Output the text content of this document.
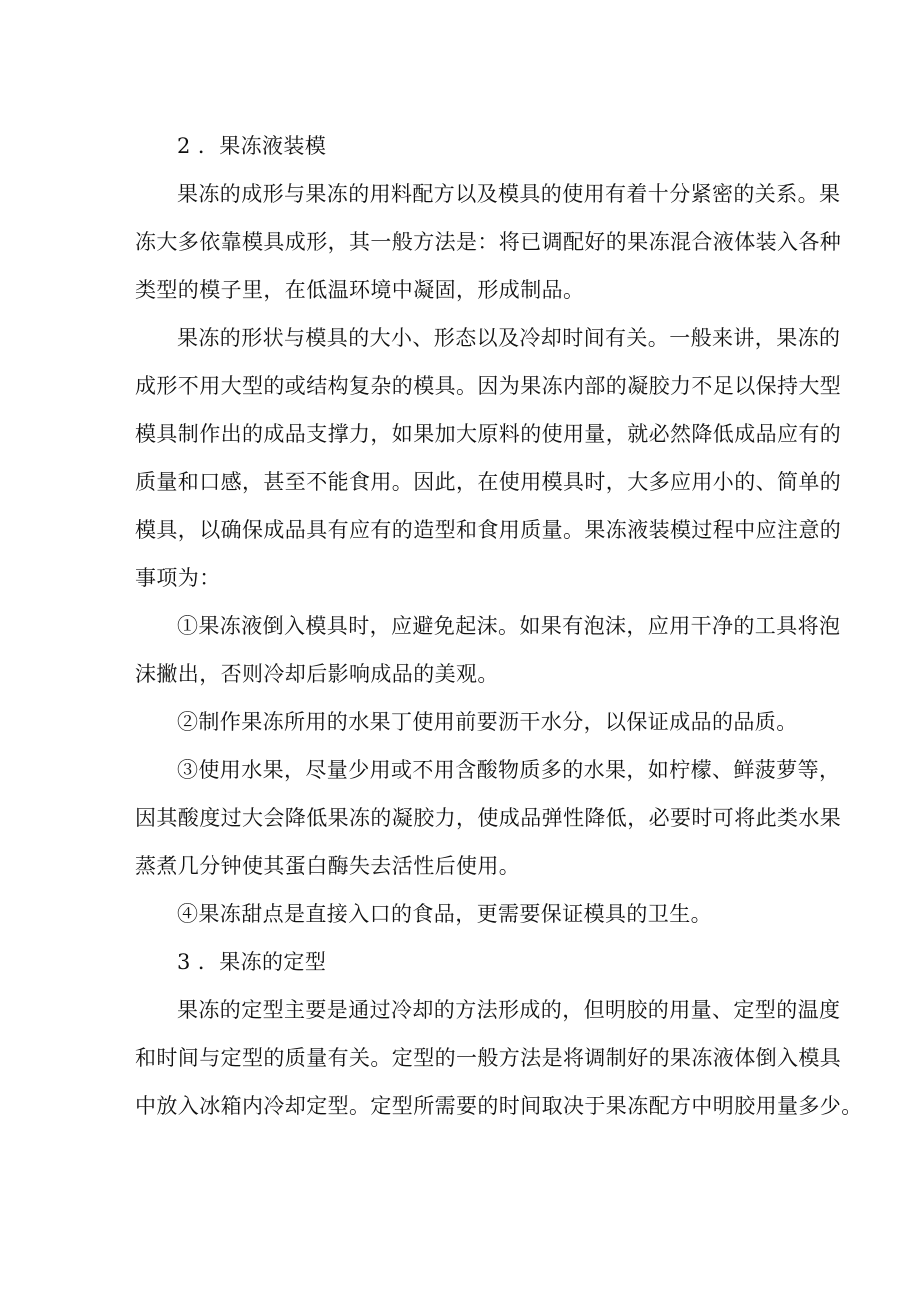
2 ．果冻液装模
果冻的成形与果冻的用料配方以及模具的使用有着十分紧密的关系。果
冻大多依靠模具成形，其一般方法是：将已调配好的果冻混合液体装入各种
类型的模子里，在低温环境中凝固，形成制品。
果冻的形状与模具的大小、形态以及冷却时间有关。一般来讲，果冻的
成形不用大型的或结构复杂的模具。因为果冻内部的凝胶力不足以保持大型
模具制作出的成品支撑力，如果加大原料的使用量，就必然降低成品应有的
质量和口感，甚至不能食用。因此，在使用模具时，大多应用小的、简单的
模具，以确保成品具有应有的造型和食用质量。果冻液装模过程中应注意的
事项为：
①果冻液倒入模具时，应避免起沫。如果有泡沫，应用干净的工具将泡
沫撇出，否则冷却后影响成品的美观。
②制作果冻所用的水果丁使用前要沥干水分，以保证成品的品质。
③使用水果，尽量少用或不用含酸物质多的水果，如柠檬、鲜菠萝等，
因其酸度过大会降低果冻的凝胶力，使成品弹性降低，必要时可将此类水果
蒸煮几分钟使其蛋白酶失去活性后使用。
④果冻甜点是直接入口的食品，更需要保证模具的卫生。
3 ．果冻的定型
果冻的定型主要是通过冷却的方法形成的，但明胶的用量、定型的温度
和时间与定型的质量有关。定型的一般方法是将调制好的果冻液体倒入模具
中放入冰箱内冷却定型。定型所需要的时间取决于果冻配方中明胶用量多少。
